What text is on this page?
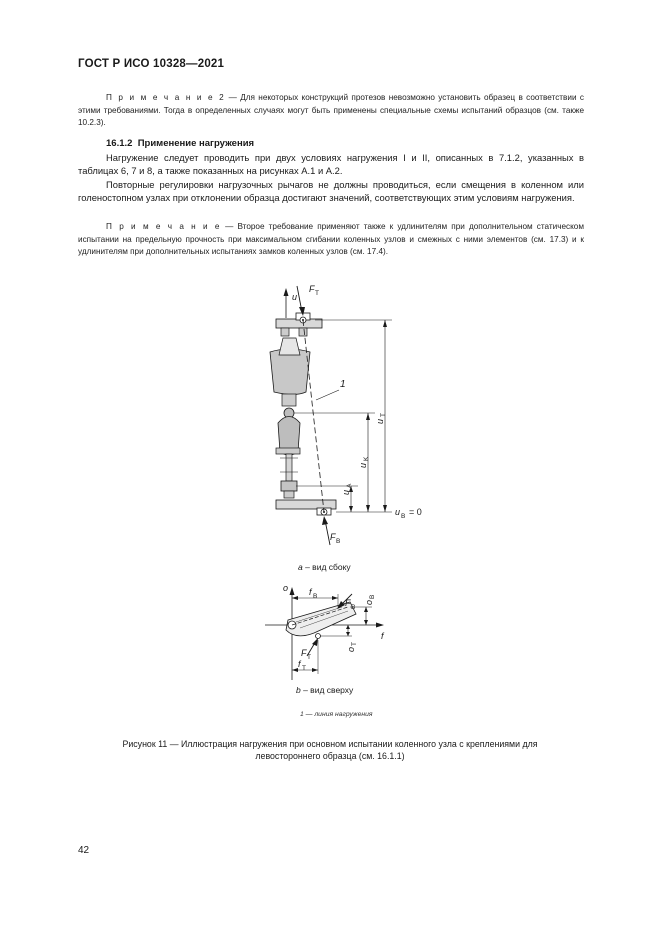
ГОСТ Р ИСО 10328—2021
П р и м е ч а н и е 2 — Для некоторых конструкций протезов невозможно установить образец в соответствии с этими требованиями. Тогда в определенных случаях могут быть применены специальные схемы испытаний образцов (см. также 10.2.3).
16.1.2 Применение нагружения
Нагружение следует проводить при двух условиях нагружения I и II, описанных в 7.1.2, указанных в таблицах 6, 7 и 8, а также показанных на рисунках А.1 и А.2.
Повторные регулировки нагрузочных рычагов не должны проводиться, если смещения в коленном или голеностопном узлах при отклонении образца достигают значений, соответствующих этим условиям нагружения.
П р и м е ч а н и е — Второе требование применяют также к удлинителям при дополнительном статическом испытании на предельную прочность при максимальном сгибании коленных узлов и смежных с ними элементов (см. 17.3) и к удлинителям при дополнительных испытаниях замков коленных узлов (см. 17.4).
u
F T
F B
1
u
T
u
K
u
A
u B = 0
a – вид сбоку
f
o
F B
F T
f B
o
B
o
T
f T
b – вид сверху
1 — линия нагружения
Рисунок 11 — Иллюстрация нагружения при основном испытании коленного узла с креплениями для левостороннего образца (см. 16.1.1)
42
